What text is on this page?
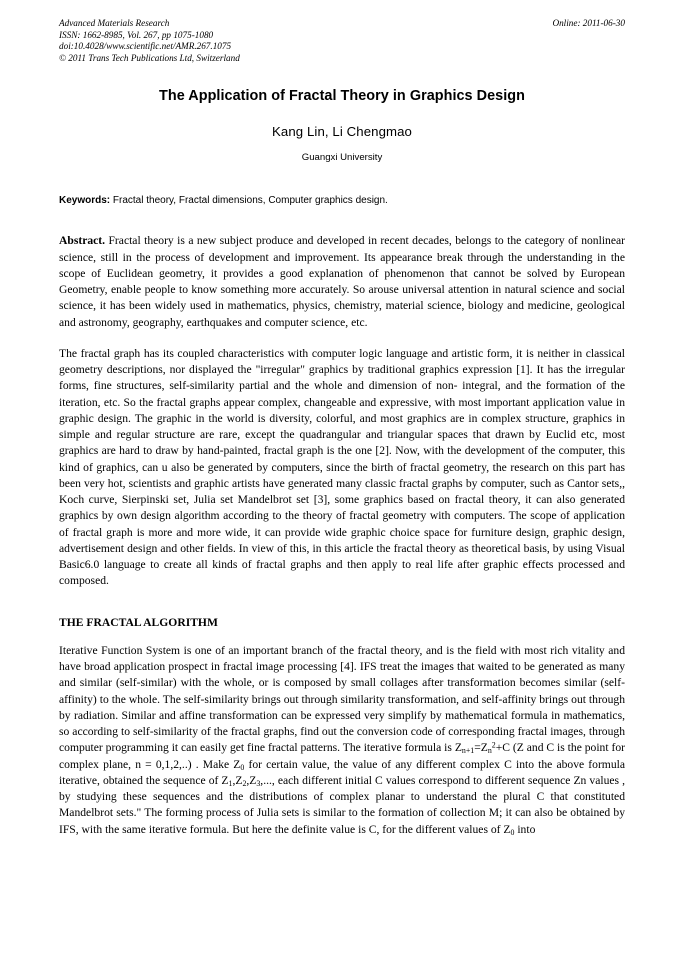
Advanced Materials Research
ISSN: 1662-8985, Vol. 267, pp 1075-1080
doi:10.4028/www.scientific.net/AMR.267.1075
© 2011 Trans Tech Publications Ltd, Switzerland
Online: 2011-06-30
The Application of Fractal Theory in Graphics Design
Kang Lin, Li Chengmao
Guangxi University
Keywords: Fractal theory, Fractal dimensions, Computer graphics design.

Abstract. Fractal theory is a new subject produce and developed in recent decades, belongs to the category of nonlinear science, still in the process of development and improvement. Its appearance break through the understanding in the scope of Euclidean geometry, it provides a good explanation of phenomenon that cannot be solved by European Geometry, enable people to know something more accurately. So arouse universal attention in natural science and social science, it has been widely used in mathematics, physics, chemistry, material science, biology and medicine, geological and astronomy, geography, earthquakes and computer science, etc.

The fractal graph has its coupled characteristics with computer logic language and artistic form, it is neither in classical geometry descriptions, nor displayed the "irregular" graphics by traditional graphics expression [1]. It has the irregular forms, fine structures, self-similarity partial and the whole and dimension of non- integral, and the formation of the iteration, etc. So the fractal graphs appear complex, changeable and expressive, with most important application value in graphic design. The graphic in the world is diversity, colorful, and most graphics are in complex structure, graphics in simple and regular structure are rare, except the quadrangular and triangular spaces that drawn by Euclid etc, most graphics are hard to draw by hand-painted, fractal graph is the one [2]. Now, with the development of the computer, this kind of graphics, can u also be generated by computers, since the birth of fractal geometry, the research on this part has been very hot, scientists and graphic artists have generated many classic fractal graphs by computer, such as Cantor sets,, Koch curve, Sierpinski set, Julia set Mandelbrot set [3], some graphics based on fractal theory, it can also generated graphics by own design algorithm according to the theory of fractal geometry with computers. The scope of application of fractal graph is more and more wide, it can provide wide graphic choice space for furniture design, graphic design, advertisement design and other fields. In view of this, in this article the fractal theory as theoretical basis, by using Visual Basic6.0 language to create all kinds of fractal graphs and then apply to real life after graphic effects processed and composed.

THE FRACTAL ALGORITHM

Iterative Function System is one of an important branch of the fractal theory, and is the field with most rich vitality and have broad application prospect in fractal image processing [4]. IFS treat the images that waited to be generated as many and similar (self-similar) with the whole, or is composed by small collages after transformation becomes similar (self-affinity) to the whole. The self-similarity brings out through similarity transformation, and self-affinity brings out through by radiation. Similar and affine transformation can be expressed very simplify by mathematical formula in mathematics, so according to self-similarity of the fractal graphs, find out the conversion code of corresponding fractal images, through computer programming it can easily get fine fractal patterns. The iterative formula is $Z_{n+1}=Z_n^2+C$ (Z and C is the point for complex plane, n = 0,1,2,..) . Make $Z_0$ for certain value, the value of any different complex C into the above formula iterative, obtained the sequence of $Z_1,Z_2,Z_3$,..., each different initial C values correspond to different sequence Zn values , by studying these sequences and the distributions of complex planar to understand the plural C that constituted Mandelbrot sets." The forming process of Julia sets is similar to the formation of collection M; it can also be obtained by IFS, with the same iterative formula. But here the definite value is C, for the different values of $Z_0$ into
